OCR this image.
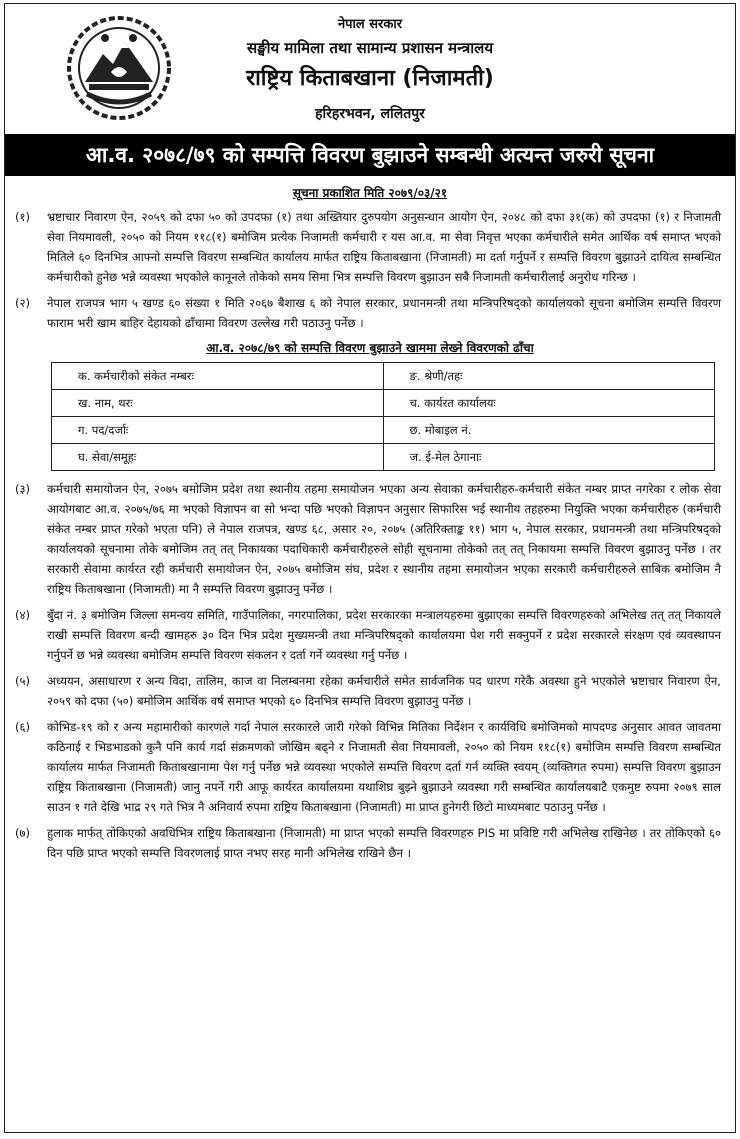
नेपाल सरकार
सङ्घीय मामिला तथा सामान्य प्रशासन मन्त्रालय
राष्ट्रिय किताबखाना (निजामती)
हरिहरभवन, ललितपुर
आ.व. २०७८/७९ को सम्पत्ति विवरण बुझाउने सम्बन्धी अत्यन्त जरुरी सूचना
सूचना प्रकाशित मिति २०७९/०३/२१
(१)	भ्रष्टाचार निवारण ऐन, २०५९ को दफा ५० को उपदफा (१) तथा अख्तियार दुरुपयोग अनुसन्धान आयोग ऐन, २०४८ को दफा ३१(क) को उपदफा (१) र निजामती सेवा नियमावली, २०५० को नियम ११८(१) बमोजिम प्रत्येक निजामती कर्मचारी र यस आ.व. मा सेवा निवृत्त भएका कर्मचारीले समेत आर्थिक वर्ष समाप्त भएको मितिले ६० दिनभित्र आफ्नो सम्पत्ति विवरण सम्बन्धित कार्यालय मार्फत राष्ट्रिय किताबखाना (निजामती) मा दर्ता गर्नुपर्ने र सम्पत्ति विवरण बुझाउने दायित्व सम्बन्धित कर्मचारीको हुनेछ भन्ने व्यवस्था भएकोले कानूनले तोकेको समय सिमा भित्र सम्पत्ति विवरण बुझाउन सबै निजामती कर्मचारीलाई अनुरोध गरिन्छ ।
(२)	नेपाल राजपत्र भाग ५ खण्ड ६० संख्या १ मिति २०६७ बैशाख ६ को नेपाल सरकार, प्रधानमन्त्री तथा मन्त्रिपरिषद्को कार्यालयको सूचना बमोजिम सम्पत्ति विवरण फाराम भरी खाम बाहिर देहायको ढाँचामा विवरण उल्लेख गरी पठाउनु पर्नेछ ।
आ.व. २०७८/७९ को सम्पत्ति विवरण बुझाउने खाममा लेख्ने विवरणको ढाँचा
क. कर्मचारीको संकेत नम्बरः	ङ. श्रेणी/तहः
ख. नाम, थरः	च. कार्यरत कार्यालयः
ग. पद/दर्जाः	छ. मोबाइल नं.
घ. सेवा/समूहः	ज. ई-मेल ठेगानाः
(३)	कर्मचारी समायोजन ऐन, २०७५ बमोजिम प्रदेश तथा स्थानीय तहमा समायोजन भएका अन्य सेवाका कर्मचारीहरु-कर्मचारी संकेत नम्बर प्राप्त नगरेका र लोक सेवा आयोगबाट आ.व. २०७५/७६ मा भएको विज्ञापन वा सो भन्दा पछि भएको विज्ञापन अनुसार सिफारिस भई स्थानीय तहहरुमा नियुक्ति भएका कर्मचारीहरु (कर्मचारी संकेत नम्बर प्राप्त गरेको भएता पनि) ले नेपाल राजपत्र, खण्ड ६८, असार २०, २०७५ (अतिरिक्ताङ्क ११) भाग ५, नेपाल सरकार, प्रधानमन्त्री तथा मन्त्रिपरिषद्को कार्यालयको सूचनामा तोके बमोजिम तत् तत् निकायका पदाधिकारी कर्मचारीहरुले सोही सूचनामा तोकेको तत् तत् निकायमा सम्पत्ति विवरण बुझाउनु पर्नेछ । तर सरकारी सेवामा कार्यरत रही कर्मचारी समायोजन ऐन, २०७५ बमोजिम संघ, प्रदेश र स्थानीय तहमा समायोजन भएका सरकारी कर्मचारीहरुले साबिक बमोजिम नै राष्ट्रिय किताबखाना (निजामती) मा नै सम्पत्ति विवरण बुझाउनु पर्नेछ ।
(४)	बुँदा नं. ३ बमोजिम जिल्ला समन्वय समिति, गाउँपालिका, नगरपालिका, प्रदेश सरकारका मन्त्रालयहरुमा बुझाएका सम्पत्ति विवरणहरुको अभिलेख तत् तत् निकायले राखी सम्पत्ति विवरण बन्दी खामहरु ३० दिन भित्र प्रदेश मुख्यमन्त्री तथा मन्त्रिपरिषद्को कार्यालयमा पेश गरी सक्नुपर्ने र प्रदेश सरकारले संरक्षण एवं व्यवस्थापन गर्नुपर्ने छ भन्ने व्यवस्था बमोजिम सम्पत्ति विवरण संकलन र दर्ता गर्ने व्यवस्था गर्नु पर्नेछ ।
(५)	अध्ययन, असाधारण र अन्य विदा, तालिम, काज वा निलम्बनमा रहेका कर्मचारीले समेत सार्वजनिक पद धारण गरेकै अवस्था हुने भएकोले भ्रष्टाचार निवारण ऐन, २०५९ को दफा (५०) बमोजिम आर्थिक वर्ष समाप्त भएको ६० दिनभित्र सम्पत्ति विवरण बुझाउनु पर्नेछ ।
(६)	कोभिड-१९ को र अन्य महामारीको कारणले गर्दा नेपाल सरकारले जारी गरेको विभिन्न मितिका निर्देशन र कार्यविधि बमोजिमको मापदण्ड अनुसार आवत जावतमा कठिनाई र भिडभाडको कुनै पनि कार्य गर्दा संक्रमणको जोखिम बढ्ने र निजामती सेवा नियमावली, २०५० को नियम ११८(१) बमोजिम सम्पत्ति विवरण सम्बन्धित कार्यालय मार्फत निजामती किताबखानामा पेश गर्नु पर्नेछ भन्ने व्यवस्था भएकोले सम्पत्ति विवरण दर्ता गर्न व्यक्ति स्वयम् (व्यक्तिगत रुपमा) सम्पत्ति विवरण बुझाउन राष्ट्रिय किताबखाना (निजामती) जानु नपर्ने गरी आफू कार्यरत कार्यालयमा यथाशिघ्र बुझ्ने बुझाउने व्यवस्था गरी सम्बन्धित कार्यालयबाटै एकमुष्ट रुपमा २०७९ साल साउन १ गते देखि भाद्र २९ गते भित्र नै अनिवार्य रुपमा राष्ट्रिय किताबखाना (निजामती) मा प्राप्त हुनेगरी छिटो माध्यमबाट पठाउनु पर्नेछ ।
(७)	हुलाक मार्फत् तोकिएको अवधिभित्र राष्ट्रिय किताबखाना (निजामती) मा प्राप्त भएको सम्पत्ति विवरणहरु PIS मा प्रविष्टि गरी अभिलेख राखिनेछ । तर तोकिएको ६० दिन पछि प्राप्त भएको सम्पत्ति विवरणलाई प्राप्त नभए सरह मानी अभिलेख राखिने छैन ।
